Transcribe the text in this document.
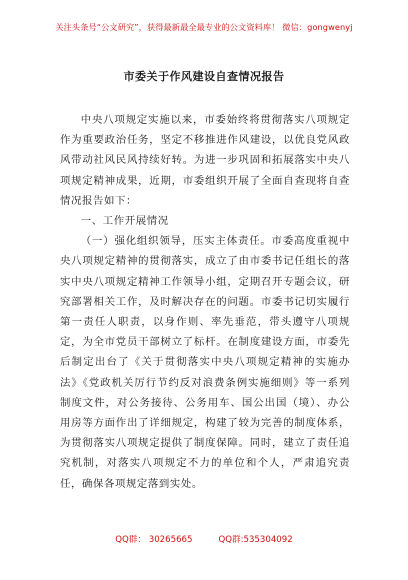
关注头条号“公文研究”，获得最新最全最专业的公文资料库！ 微信：gongwenyj
市委关于作风建设自查情况报告

中央八项规定实施以来，市委始终将贯彻落实八项规定作为重要政治任务，坚定不移推进作风建设，以优良党风政风带动社风民风持续好转。为进一步巩固和拓展落实中央八项规定精神成果，近期，市委组织开展了全面自查现将自查情况报告如下：

一、工作开展情况

（一）强化组织领导，压实主体责任。市委高度重视中央八项规定精神的贯彻落实，成立了由市委书记任组长的落实中央八项规定精神工作领导小组，定期召开专题会议，研究部署相关工作，及时解决存在的问题。市委书记切实履行第一责任人职责，以身作则、率先垂范，带头遵守八项规定，为全市党员干部树立了标杆。在制度建设方面，市委先后制定出台了《关于贯彻落实中央八项规定精神的实施办法》《党政机关厉行节约反对浪费条例实施细则》等一系列制度文件，对公务接待、公务用车、国公出国（境）、办公用房等方面作出了详细规定，构建了较为完善的制度体系，为贯彻落实八项规定提供了制度保障。同时，建立了责任追究机制，对落实八项规定不力的单位和个人，严肃追究责任，确保各项规定落到实处。

QQ群： 30265665	QQ群:535304092
